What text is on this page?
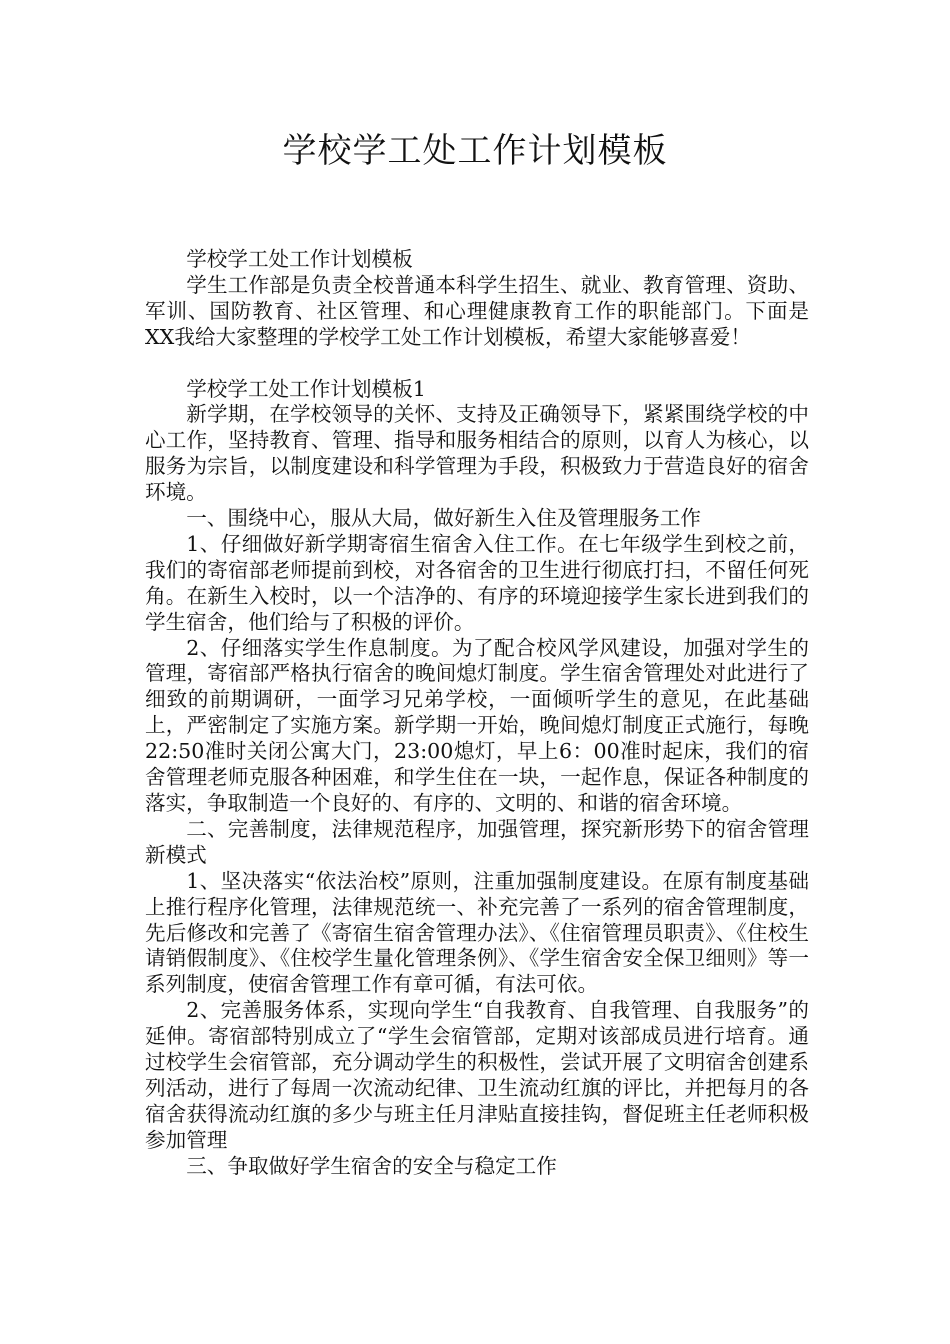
学校学工处工作计划模板

学校学工处工作计划模板

学生工作部是负责全校普通本科学生招生、就业、教育管理、资助、军训、国防教育、社区管理、和心理健康教育工作的职能部门。下面是XX我给大家整理的学校学工处工作计划模板，希望大家能够喜爱！

学校学工处工作计划模板1

新学期，在学校领导的关怀、支持及正确领导下，紧紧围绕学校的中心工作，坚持教育、管理、指导和服务相结合的原则，以育人为核心，以服务为宗旨，以制度建设和科学管理为手段，积极致力于营造良好的宿舍环境。

一、围绕中心，服从大局，做好新生入住及管理服务工作

1、仔细做好新学期寄宿生宿舍入住工作。在七年级学生到校之前，我们的寄宿部老师提前到校，对各宿舍的卫生进行彻底打扫，不留任何死角。在新生入校时，以一个洁净的、有序的环境迎接学生家长进到我们的学生宿舍，他们给与了积极的评价。

2、仔细落实学生作息制度。为了配合校风学风建设，加强对学生的管理，寄宿部严格执行宿舍的晚间熄灯制度。学生宿舍管理处对此进行了细致的前期调研，一面学习兄弟学校，一面倾听学生的意见，在此基础上，严密制定了实施方案。新学期一开始，晚间熄灯制度正式施行，每晚22:50准时关闭公寓大门，23:00熄灯，早上6：00准时起床，我们的宿舍管理老师克服各种困难，和学生住在一块，一起作息，保证各种制度的落实，争取制造一个良好的、有序的、文明的、和谐的宿舍环境。

二、完善制度，法律规范程序，加强管理，探究新形势下的宿舍管理新模式

1、坚决落实“依法治校”原则，注重加强制度建设。在原有制度基础上推行程序化管理，法律规范统一、补充完善了一系列的宿舍管理制度，先后修改和完善了《寄宿生宿舍管理办法》、《住宿管理员职责》、《住校生请销假制度》、《住校学生量化管理条例》、《学生宿舍安全保卫细则》等一系列制度，使宿舍管理工作有章可循，有法可依。

2、完善服务体系，实现向学生“自我教育、自我管理、自我服务”的延伸。寄宿部特别成立了“学生会宿管部，定期对该部成员进行培育。通过校学生会宿管部，充分调动学生的积极性，尝试开展了文明宿舍创建系列活动，进行了每周一次流动纪律、卫生流动红旗的评比，并把每月的各宿舍获得流动红旗的多少与班主任月津贴直接挂钩，督促班主任老师积极参加管理

三、争取做好学生宿舍的安全与稳定工作
